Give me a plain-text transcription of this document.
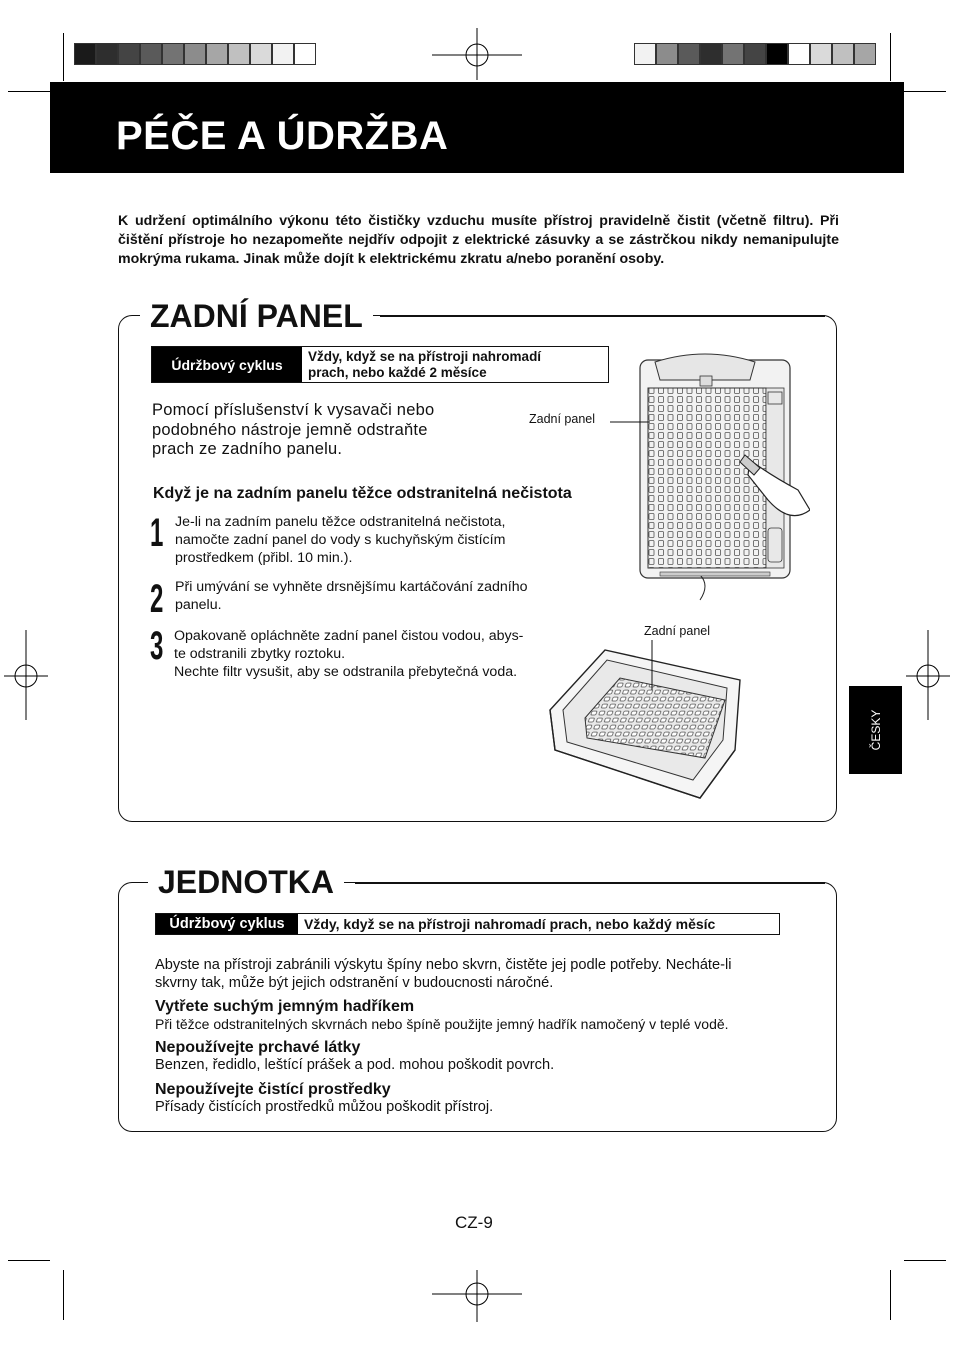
PÉČE A ÚDRŽBA
K udržení optimálního výkonu této čističky vzduchu musíte přístroj pravidelně čistit (včetně filtru). Při čištění přístroje ho nezapomeňte nejdřív odpojit z elektrické zásuvky a se zástrčkou nikdy nemanipulujte mokrýma rukama. Jinak může dojít k elektrickému zkratu a/nebo poranění osoby.
ZADNÍ PANEL
Údržbový cyklus	Vždy, když se na přístroji nahromadí
prach, nebo každé 2 měsíce
Pomocí příslušenství k vysavači nebo
podobného nástroje jemně odstraňte
prach ze zadního panelu.
Když je na zadním panelu těžce odstranitelná nečistota
1 Je-li na zadním panelu těžce odstranitelná nečistota,
namočte zadní panel do vody s kuchyňským čistícím
prostředkem (přibl. 10 min.).
2 Při umývání se vyhněte drsnějšímu kartáčování zadního
panelu.
3 Opakovaně opláchněte zadní panel čistou vodou, abys-
te odstranili zbytky roztoku.
Nechte filtr vysušit, aby se odstranila přebytečná voda.
Zadní panel
Zadní panel
JEDNOTKA
Údržbový cyklus	Vždy, když se na přístroji nahromadí prach, nebo každý měsíc
Abyste na přístroji zabránili výskytu špíny nebo skvrn, čistěte jej podle potřeby. Necháte-li
skvrny tak, může být jejich odstranění v budoucnosti náročné.
Vytřete suchým jemným hadříkem
Při těžce odstranitelných skvrnách nebo špíně použijte jemný hadřík namočený v teplé vodě.
Nepoužívejte prchavé látky
Benzen, ředidlo, leštící prášek a pod. mohou poškodit povrch.
Nepoužívejte čistící prostředky
Přísady čistících prostředků můžou poškodit přístroj.
ČESKY
CZ-9
